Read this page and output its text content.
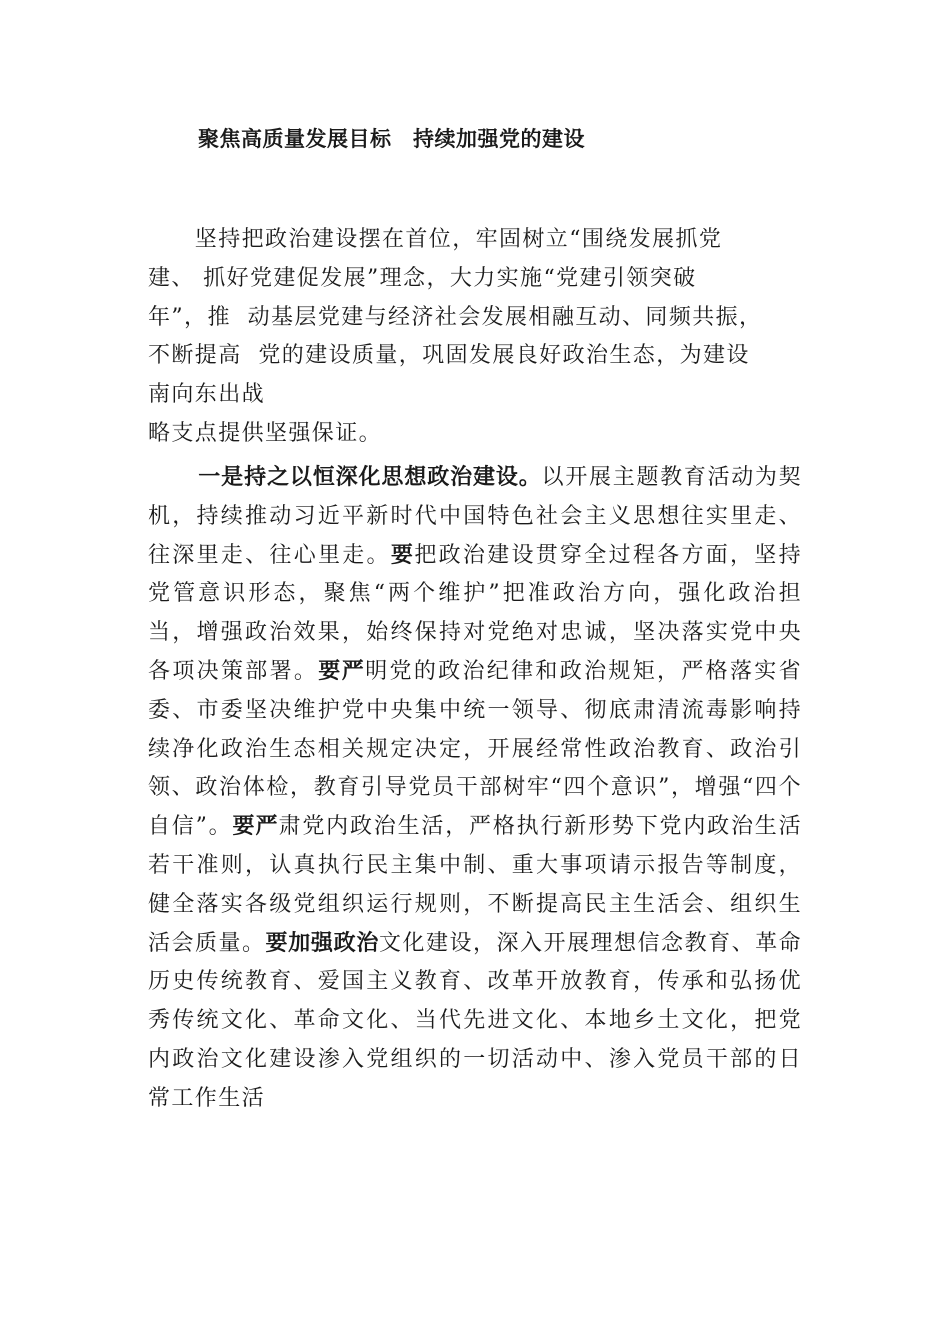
聚焦高质量发展目标　持续加强党的建设
　　坚持把政治建设摆在首位，牢固树立“围绕发展抓党
建、 抓好党建促发展”理念，大力实施“党建引领突破
年”，推  动基层党建与经济社会发展相融互动、同频共振，
不断提高  党的建设质量，巩固发展良好政治生态，为建设
南向东出战
略支点提供坚强保证。
一是持之以恒深化思想政治建设。以开展主题教育活动为契机，持续推动习近平新时代中国特色社会主义思想往实里走、往深里走、往心里走。要把政治建设贯穿全过程各方面，坚持党管意识形态，聚焦“两个维护”把准政治方向，强化政治担当，增强政治效果，始终保持对党绝对忠诚，坚决落实党中央各项决策部署。要严明党的政治纪律和政治规矩，严格落实省委、市委坚决维护党中央集中统一领导、彻底肃清流毒影响持续净化政治生态相关规定决定，开展经常性政治教育、政治引领、政治体检，教育引导党员干部树牢“四个意识”，增强“四个自信”。要严肃党内政治生活，严格执行新形势下党内政治生活若干准则，认真执行民主集中制、重大事项请示报告等制度，健全落实各级党组织运行规则，不断提高民主生活会、组织生活会质量。要加强政治文化建设，深入开展理想信念教育、革命历史传统教育、爱国主义教育、改革开放教育，传承和弘扬优秀传统文化、革命文化、当代先进文化、本地乡土文化，把党内政治文化建设渗入党组织的一切活动中、渗入党员干部的日常工作生活
